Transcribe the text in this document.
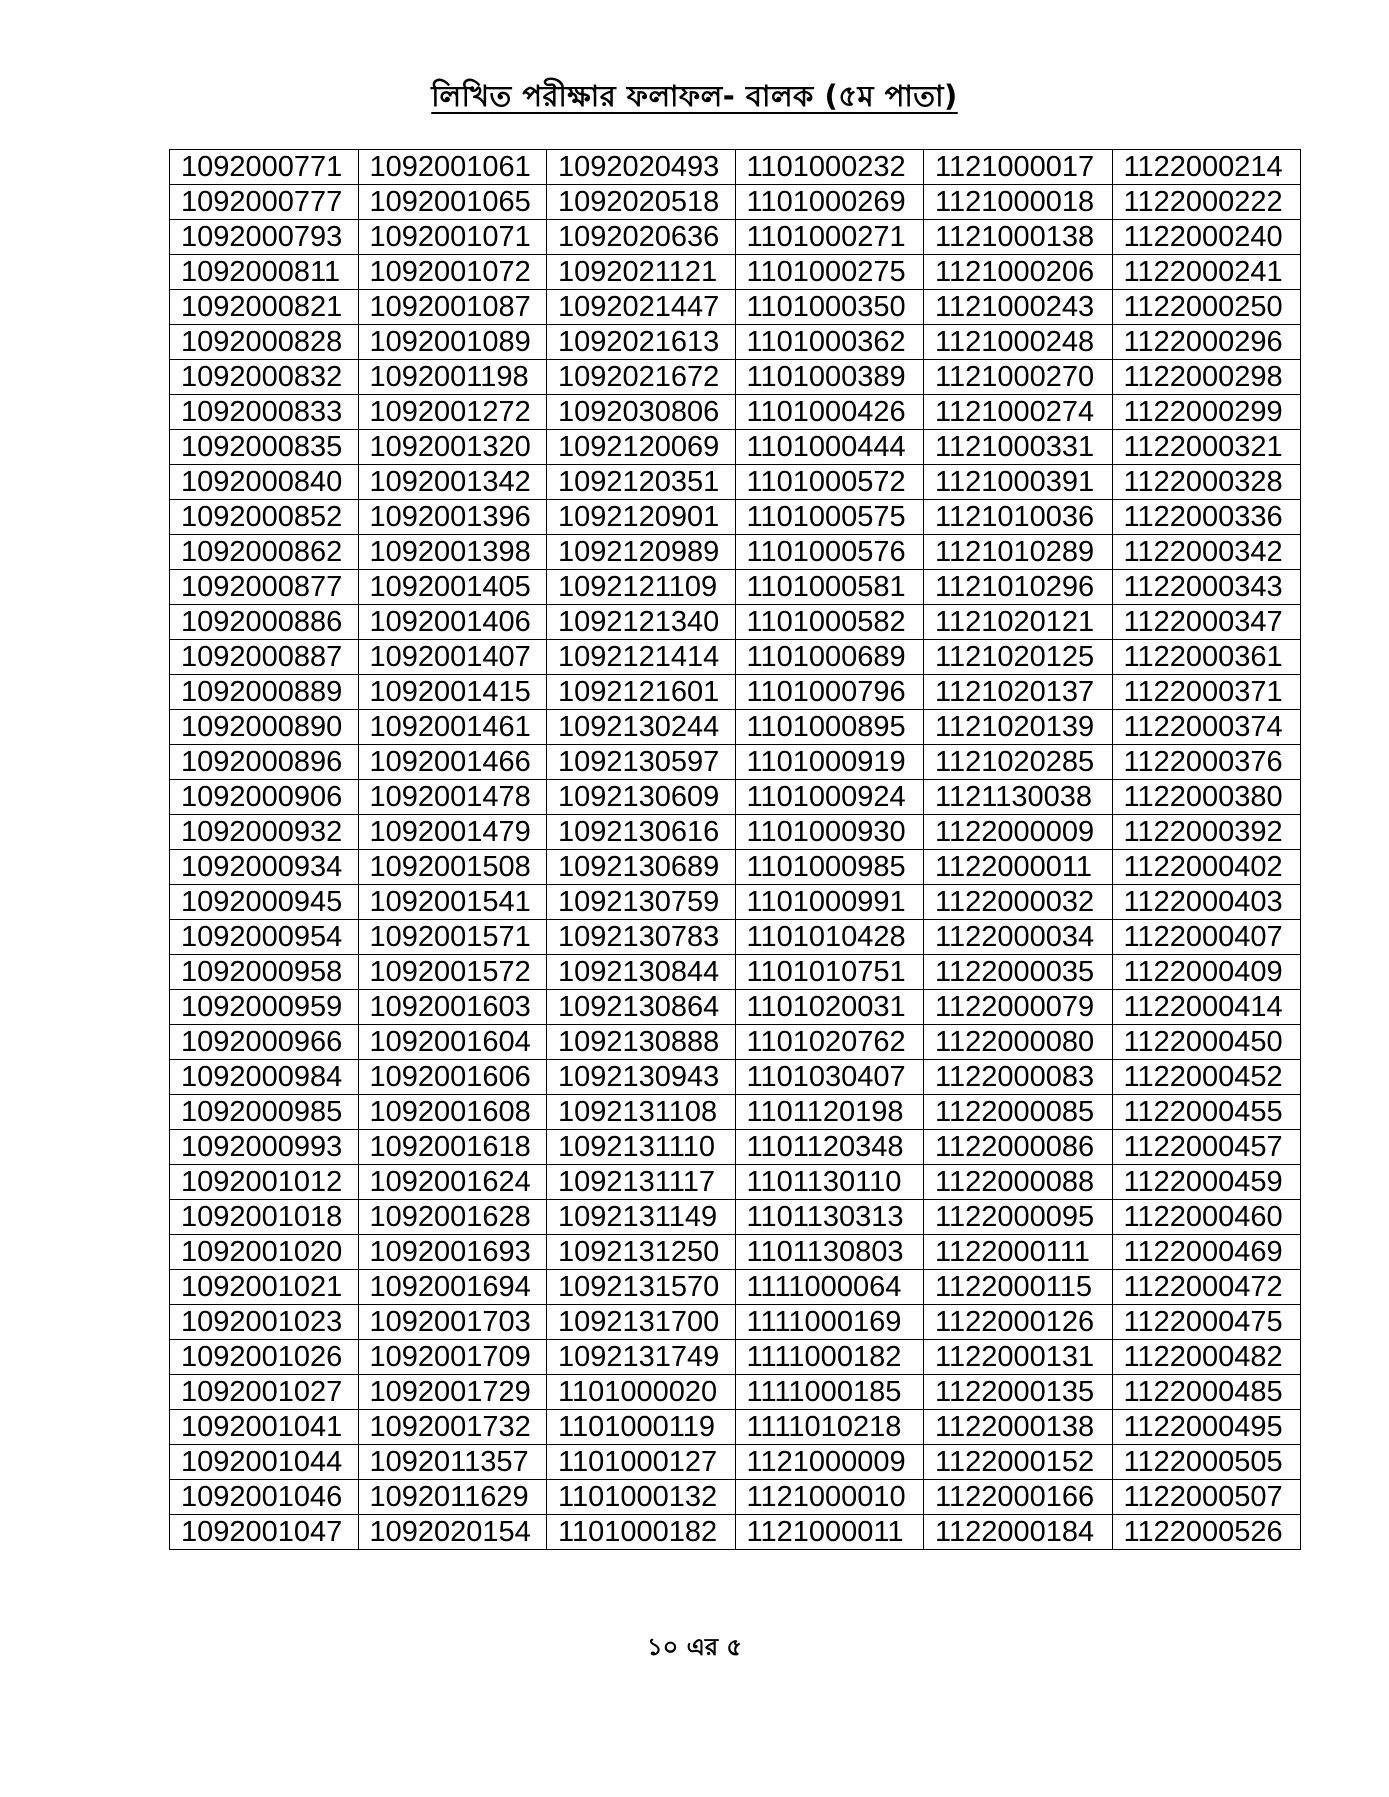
লিখিত পরীক্ষার ফলাফল- বালক (৫ম পাতা)
1092000771	1092001061	1092020493	1101000232	1121000017	1122000214
1092000777	1092001065	1092020518	1101000269	1121000018	1122000222
1092000793	1092001071	1092020636	1101000271	1121000138	1122000240
1092000811	1092001072	1092021121	1101000275	1121000206	1122000241
1092000821	1092001087	1092021447	1101000350	1121000243	1122000250
1092000828	1092001089	1092021613	1101000362	1121000248	1122000296
1092000832	1092001198	1092021672	1101000389	1121000270	1122000298
1092000833	1092001272	1092030806	1101000426	1121000274	1122000299
1092000835	1092001320	1092120069	1101000444	1121000331	1122000321
1092000840	1092001342	1092120351	1101000572	1121000391	1122000328
1092000852	1092001396	1092120901	1101000575	1121010036	1122000336
1092000862	1092001398	1092120989	1101000576	1121010289	1122000342
1092000877	1092001405	1092121109	1101000581	1121010296	1122000343
1092000886	1092001406	1092121340	1101000582	1121020121	1122000347
1092000887	1092001407	1092121414	1101000689	1121020125	1122000361
1092000889	1092001415	1092121601	1101000796	1121020137	1122000371
1092000890	1092001461	1092130244	1101000895	1121020139	1122000374
1092000896	1092001466	1092130597	1101000919	1121020285	1122000376
1092000906	1092001478	1092130609	1101000924	1121130038	1122000380
1092000932	1092001479	1092130616	1101000930	1122000009	1122000392
1092000934	1092001508	1092130689	1101000985	1122000011	1122000402
1092000945	1092001541	1092130759	1101000991	1122000032	1122000403
1092000954	1092001571	1092130783	1101010428	1122000034	1122000407
1092000958	1092001572	1092130844	1101010751	1122000035	1122000409
1092000959	1092001603	1092130864	1101020031	1122000079	1122000414
1092000966	1092001604	1092130888	1101020762	1122000080	1122000450
1092000984	1092001606	1092130943	1101030407	1122000083	1122000452
1092000985	1092001608	1092131108	1101120198	1122000085	1122000455
1092000993	1092001618	1092131110	1101120348	1122000086	1122000457
1092001012	1092001624	1092131117	1101130110	1122000088	1122000459
1092001018	1092001628	1092131149	1101130313	1122000095	1122000460
1092001020	1092001693	1092131250	1101130803	1122000111	1122000469
1092001021	1092001694	1092131570	1111000064	1122000115	1122000472
1092001023	1092001703	1092131700	1111000169	1122000126	1122000475
1092001026	1092001709	1092131749	1111000182	1122000131	1122000482
1092001027	1092001729	1101000020	1111000185	1122000135	1122000485
1092001041	1092001732	1101000119	1111010218	1122000138	1122000495
1092001044	1092011357	1101000127	1121000009	1122000152	1122000505
1092001046	1092011629	1101000132	1121000010	1122000166	1122000507
1092001047	1092020154	1101000182	1121000011	1122000184	1122000526
১০ এর ৫
